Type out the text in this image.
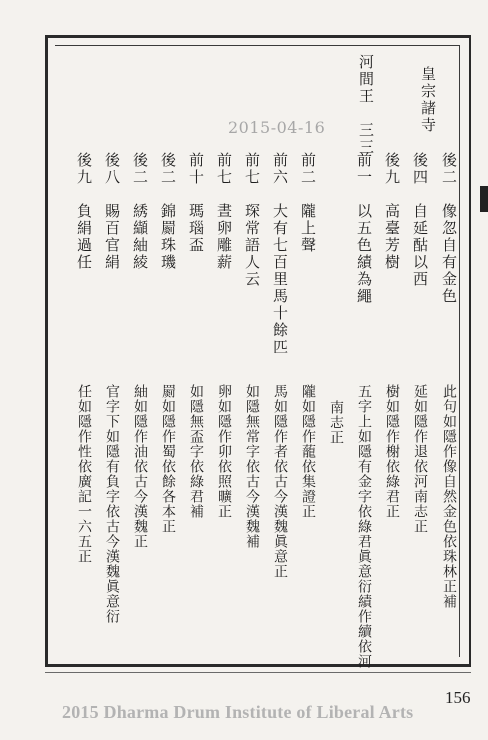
皇宗諸寺
河間王　三三
後二　像忽自有金色
後四　自延酤以西
後九　高臺芳樹
前一　以五色績為繩
前二　隴上聲
前六　大有七百里馬十餘匹
前七　琛常語人云
前七　晝卵雕薪
前十　瑪瑙盃
後二　錦罽珠璣
後二　綉纈紬綾
後八　賜百官絹
後九　負絹過任
此句如隱作像自然金色依珠林正補
延如隱作退依河南志正
樹如隱作榭依綠君正
五字上如隱有金字依綠君眞意衍績作續依河
南志正
隴如隱作蘢依集證正
馬如隱作者依古今漢魏眞意正
如隱無常字依古今漢魏補
卵如隱作卯依照曠正
如隱無盃字依綠君補
罽如隱作蜀依餘各本正
紬如隱作油依古今漢魏正
官字下如隱有負字依古今漢魏眞意衍
任如隱作性依廣記一六五正
2015-04-16
2015 Dharma Drum Institute of Liberal Arts
156
